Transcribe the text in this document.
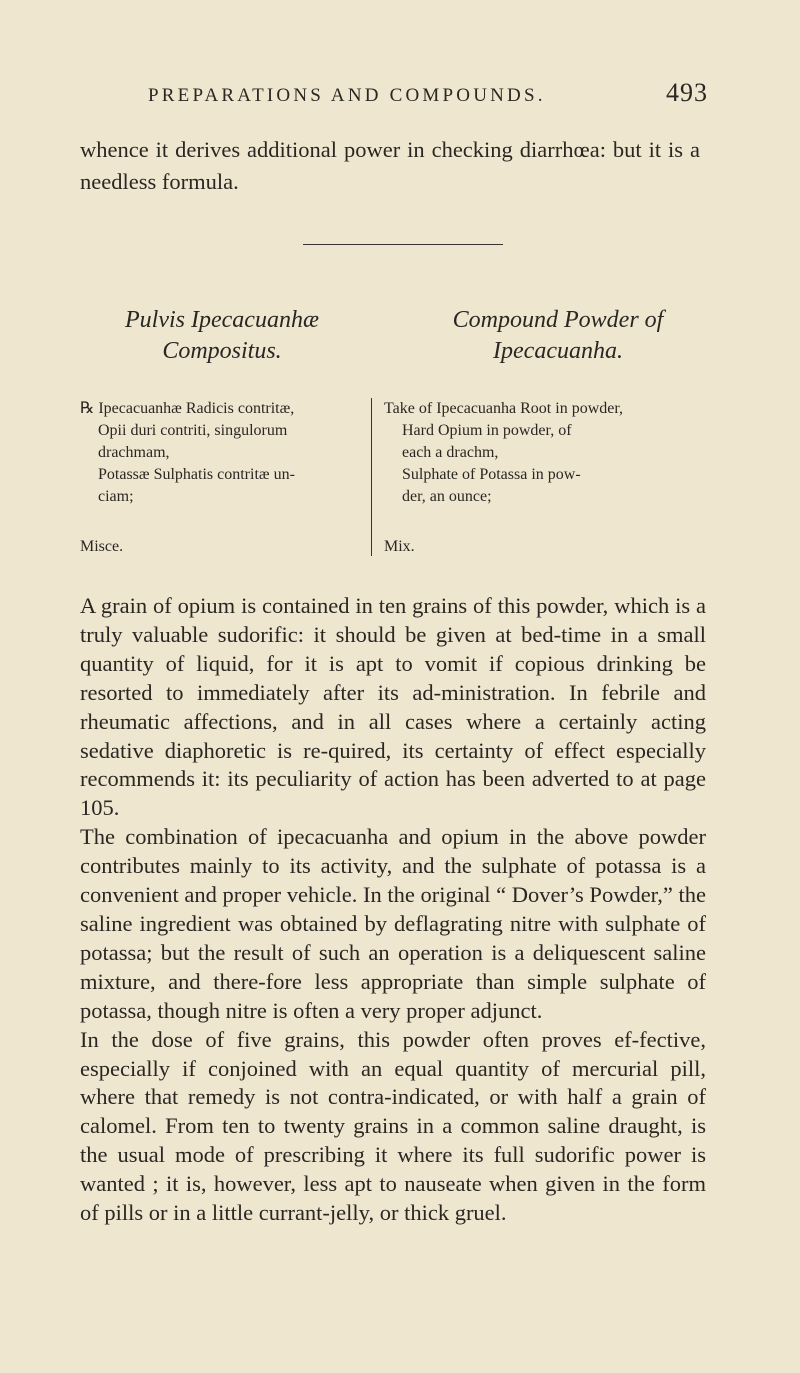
PREPARATIONS AND COMPOUNDS.	493

whence it derives additional power in checking diarrhœa: but it is a needless formula.

Pulvis Ipecacuanhæ
Compositus.
Compound Powder of
Ipecacuanha.
℞ Ipecacuanhæ Radicis contritæ,
Opii duri contriti, singulorum
drachmam,
Potassæ Sulphatis contritæ un-
ciam;
Take of Ipecacuanha Root in powder,
Hard Opium in powder, of
each a drachm,
Sulphate of Potassa in pow-
der, an ounce;
Misce.	Mix.

A grain of opium is contained in ten grains of this powder, which is a truly valuable sudorific: it should be given at bed-time in a small quantity of liquid, for it is apt to vomit if copious drinking be resorted to immediately after its ad-ministration. In febrile and rheumatic affections, and in all cases where a certainly acting sedative diaphoretic is re-quired, its certainty of effect especially recommends it: its peculiarity of action has been adverted to at page 105.

The combination of ipecacuanha and opium in the above powder contributes mainly to its activity, and the sulphate of potassa is a convenient and proper vehicle. In the original “ Dover’s Powder,” the saline ingredient was obtained by deflagrating nitre with sulphate of potassa; but the result of such an operation is a deliquescent saline mixture, and there-fore less appropriate than simple sulphate of potassa, though nitre is often a very proper adjunct.

In the dose of five grains, this powder often proves ef-fective, especially if conjoined with an equal quantity of mercurial pill, where that remedy is not contra-indicated, or with half a grain of calomel. From ten to twenty grains in a common saline draught, is the usual mode of prescribing it where its full sudorific power is wanted ; it is, however, less apt to nauseate when given in the form of pills or in a little currant-jelly, or thick gruel.
